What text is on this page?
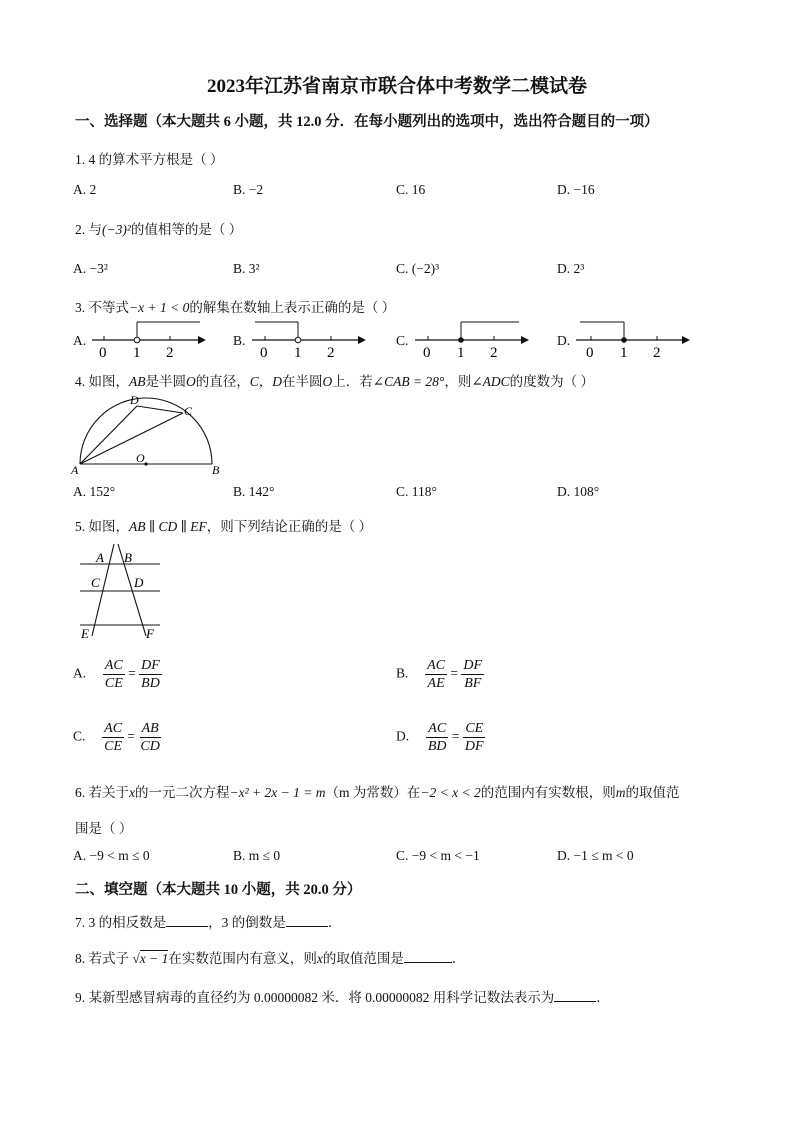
2023年江苏省南京市联合体中考数学二模试卷
一、选择题（本大题共 6 小题，共 12.0 分．在每小题列出的选项中，选出符合题目的一项）
1. 4 的算术平方根是（ ）
A. 2	B. −2	C. 16	D. −16
2. 与(−3)²的值相等的是（ ）
A. −3²	B. 3²	C. (−2)³	D. 2³
3. 不等式−x + 1 < 0的解集在数轴上表示正确的是（ ）
A.
0 1 2
B.
0 1 2
C.
0 1 2
D.
0 1 2
4. 如图，AB是半圆O的直径，C，D在半圆O上．若∠CAB = 28°，则∠ADC的度数为（ ）
A	B
C
D
O
A. 152°	B. 142°	C. 118°	D. 108°
5. 如图，AB ∥ CD ∥ EF，则下列结论正确的是（ ）
A B
C	D
E	F
A. $\frac{AC}{CE} = \frac{DF}{BD}$	B. $\frac{AC}{AE} = \frac{DF}{BF}$
C. $\frac{AC}{CE} = \frac{AB}{CD}$	D. $\frac{AC}{BD} = \frac{CE}{DF}$
6. 若关于x的一元二次方程−x² + 2x − 1 = m（m 为常数）在−2 < x < 2的范围内有实数根，则m的取值范
围是（ ）
A. −9 < m ≤ 0	B. m ≤ 0	C. −9 < m < −1	D. −1 ≤ m < 0
二、填空题（本大题共 10 小题，共 20.0 分）
7. 3 的相反数是	，3 的倒数是	．
8. 若式子 √x − 1在实数范围内有意义，则x的取值范围是	．
9. 某新型感冒病毒的直径约为 0.00000082 米．将 0.00000082 用科学记数法表示为	．
